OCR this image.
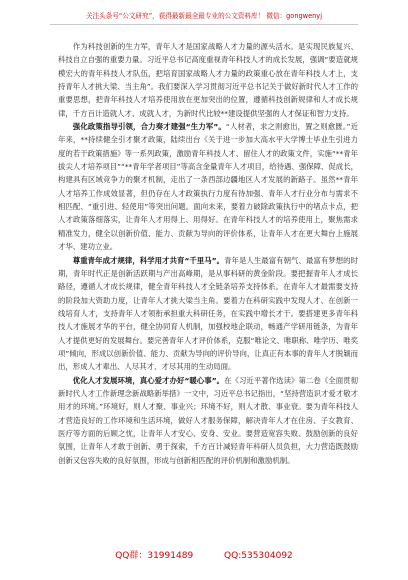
关注头条号“公文研究”，获得最新最全最专业的公文资料库！ 微信：gongwenyj

作为科技创新的生力军，青年人才是国家战略人才力量的源头活水。是实现民族复兴、科技自立自强的重要力量。习近平总书记高度重视青年科技人才的成长发展，强调“要造就规模宏大的青年科技人才队伍，把培育国家战略人才力量的政策重心放在青年科技人才上，支持青年人才挑大梁、当主角”。我们要深入学习贯彻习近平总书记关于做好新时代人才工作的重要思想，把青年科技人才培养使用放在更加突出的位置，遵循科技创新规律和人才成长规律，千方百计造就人才、成就人才，为新时代比较**建设提供坚强的人才保证和智力支持。

强化政策指导引领，合力奏才建强“生力军”。“人材者，求之则愈出，置之则愈匮。”近年来，**持续健全引才聚才政策，陆续出台《关于进一步加大高水平大学博士毕业生引进力度的若干政策措施》等一系列政策，激励青年科技人才、留住人才的政策文件，实施“**青年拔尖人才培养项目”“**青年学者项目”等高含金量青年人才项目，给待遇、强保障、促成长，构建具有区域竞争力的聚才机制，走出了一条西部边疆地区人才发展的新路子。虽然**青年人才培养工作成效显著，但仍存在人才政策执行力度有待加强、青年人才行业分布与需求不相匹配、“重引进、轻使用”等突出问题。面向未来，要着力破除政策执行中的堵点卡点，把人才政策落细落实，让青年人才用得上、用得好。在青年科技人才的培养使用上，聚焦需求精准发力，健全以创新价值、能力、贡献为导向的评价体系，让青年人才在更大舞台上施展才华、建功立业。

尊重青年成才规律，科学用才共育“千里马”。青年是人生最富有朝气、最富有梦想的时期，青年时代正是创新活跃期与产出高峰期，是从事科研的黄金阶段。要把握青年人才成长路径，遵循人才成长规律，健全青年科技人才全链条培养支持体系。在青年人才最需要支持的阶段加大资助力度，让青年人才挑大梁当主角。要着力在科研实践中发现人才、在创新一线培育人才，支持青年人才领衔承担重大科研任务，在实践中增长才干。要搭建更多青年科技人才施展才华的平台，健全协同育人机制，加强校地企联动，畅通产学研用链条，为青年人才提供更好的发展舞台。要完善青年人才评价体系，克服“唯论文、唯职称、唯学历、唯奖项”倾向，形成以创新价值、能力、贡献为导向的评价导向，让真正有本事的青年人才脱颖而出，形成人才辈出、人尽其才、才尽其用的生动局面。

优化人才发展环境，真心爱才办好“暖心事”。在《习近平著作选读》第二卷《全面贯彻新时代人才工作新理念新战略新举措》一文中，习近平总书记指出，“坚持营造识才爱才敬才用才的环境。”环境好，则人才聚、事业兴；环境不好，则人才散、事业衰。要为青年科技人才营造良好的工作环境和生活环境，做好人才服务保障，解决青年人才在住房、子女教育、医疗等方面的后顾之忧，让青年人才安心、安身、安业。要营造宽容失败、鼓励创新的良好氛围，让青年人才敢于创新、勇于探索，千方百计减轻青年科研人员负担，大力营造既鼓励创新又包容失败的良好氛围，形成与创新相匹配的评价机制和激励机制。

QQ群：31991489	QQ:535304092
